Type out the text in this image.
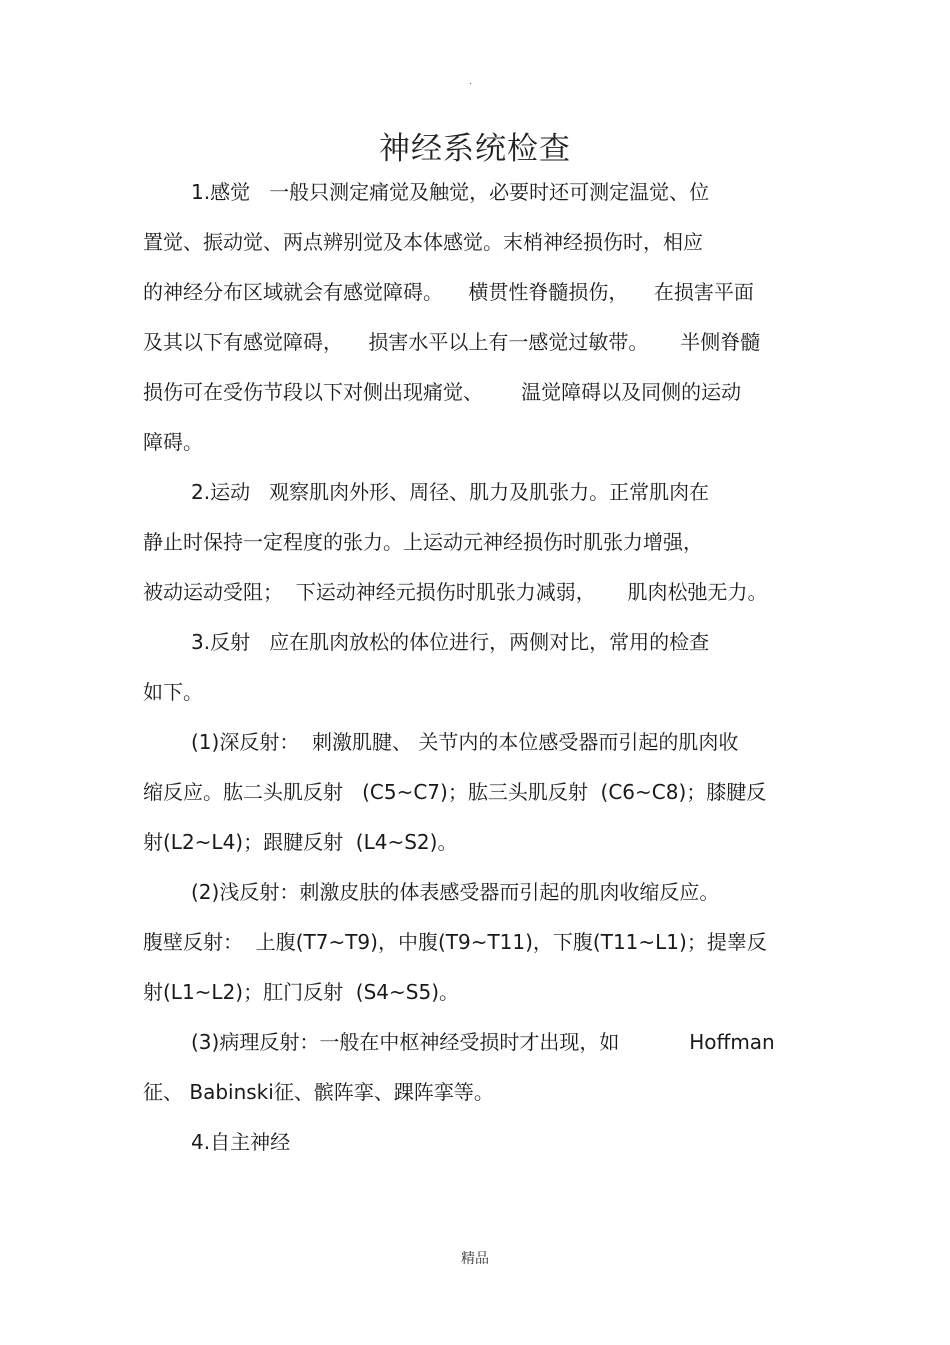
.
神经系统检查
1.感觉   一般只测定痛觉及触觉，必要时还可测定温觉、位
置觉、振动觉、两点辨别觉及本体感觉。末梢神经损伤时，相应
的神经分布区域就会有感觉障碍。    横贯性脊髓损伤，    在损害平面
及其以下有感觉障碍，    损害水平以上有一感觉过敏带。     半侧脊髓
损伤可在受伤节段以下对侧出现痛觉、      温觉障碍以及同侧的运动
障碍。
2.运动   观察肌肉外形、周径、肌力及肌张力。正常肌肉在
静止时保持一定程度的张力。上运动元神经损伤时肌张力增强，
被动运动受阻；  下运动神经元损伤时肌张力减弱，     肌肉松弛无力。
3.反射   应在肌肉放松的体位进行，两侧对比，常用的检查
如下。
(1)深反射：  刺激肌腱、 关节内的本位感受器而引起的肌肉收
缩反应。肱二头肌反射   (C5~C7)；肱三头肌反射  (C6~C8)；膝腱反
射(L2~L4)；跟腱反射  (L4~S2)。
(2)浅反射：刺激皮肤的体表感受器而引起的肌肉收缩反应。
腹壁反射：  上腹(T7~T9)，中腹(T9~T11)，下腹(T11~L1)；提睾反
射(L1~L2)；肛门反射  (S4~S5)。
(3)病理反射：一般在中枢神经受损时才出现，如           Hoffman
征、 Babinski征、髌阵挛、踝阵挛等。
4.自主神经
精品
